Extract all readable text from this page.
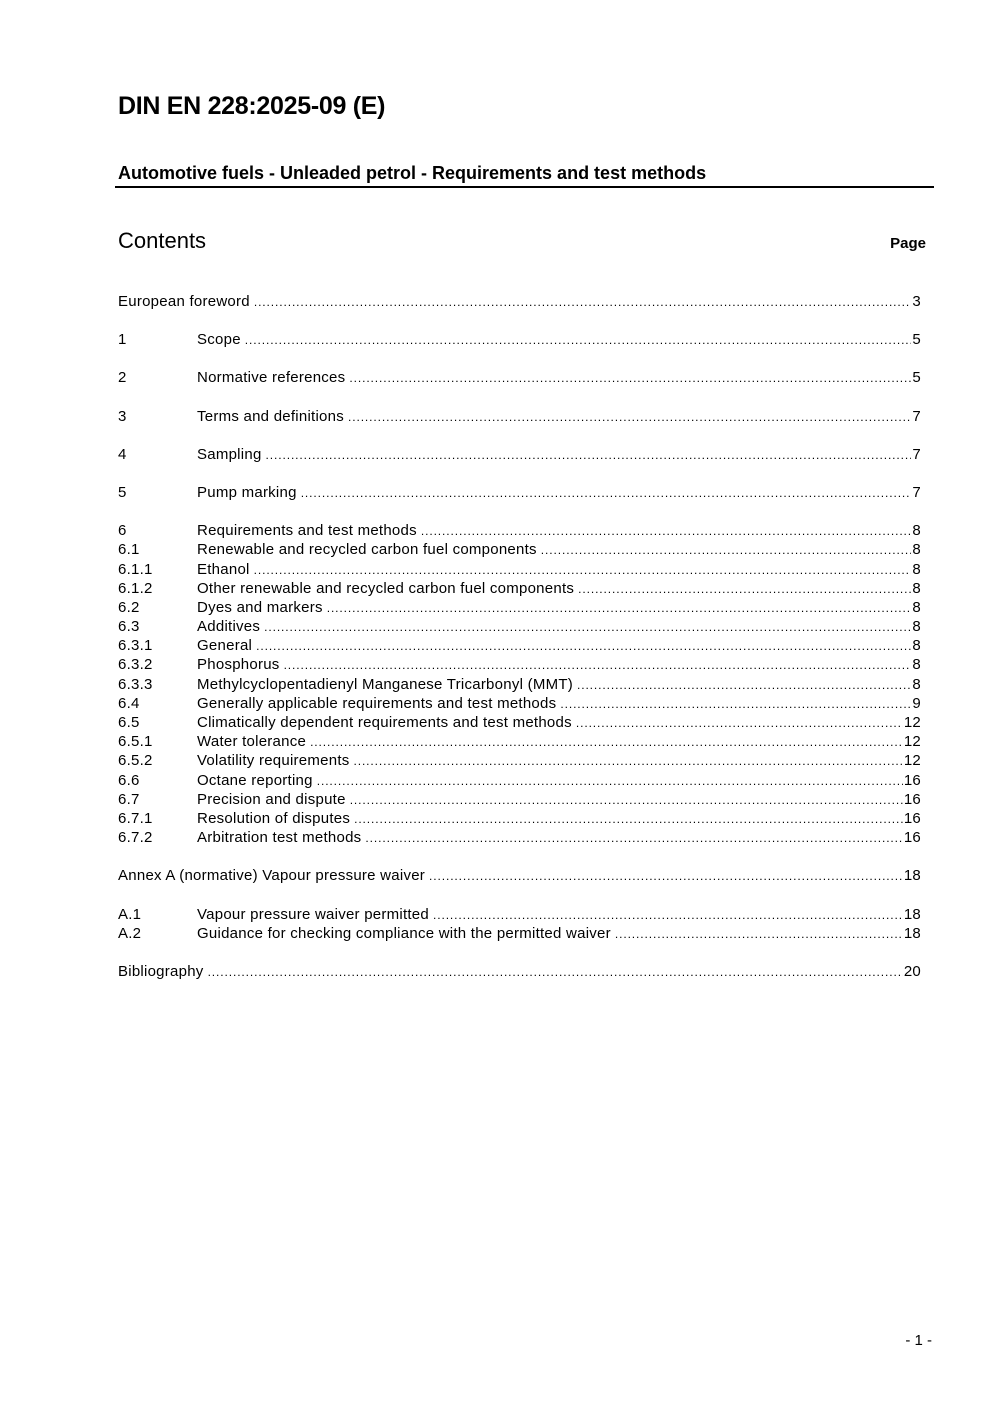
DIN EN 228:2025-09 (E)
Automotive fuels - Unleaded petrol - Requirements and test methods
Contents	Page
European foreword .....	3
1	Scope .....	5
2	Normative references .....	5
3	Terms and definitions .....	7
4	Sampling .....	7
5	Pump marking .....	7
6	Requirements and test methods .....	8
6.1	Renewable and recycled carbon fuel components .....	8
6.1.1	Ethanol .....	8
6.1.2	Other renewable and recycled carbon fuel components .....	8
6.2	Dyes and markers .....	8
6.3	Additives .....	8
6.3.1	General .....	8
6.3.2	Phosphorus .....	8
6.3.3	Methylcyclopentadienyl Manganese Tricarbonyl (MMT) .....	8
6.4	Generally applicable requirements and test methods .....	9
6.5	Climatically dependent requirements and test methods .....	12
6.5.1	Water tolerance .....	12
6.5.2	Volatility requirements .....	12
6.6	Octane reporting .....	16
6.7	Precision and dispute .....	16
6.7.1	Resolution of disputes .....	16
6.7.2	Arbitration test methods .....	16
Annex A (normative) Vapour pressure waiver .....	18
A.1	Vapour pressure waiver permitted .....	18
A.2	Guidance for checking compliance with the permitted waiver .....	18
Bibliography .....	20
- 1 -
